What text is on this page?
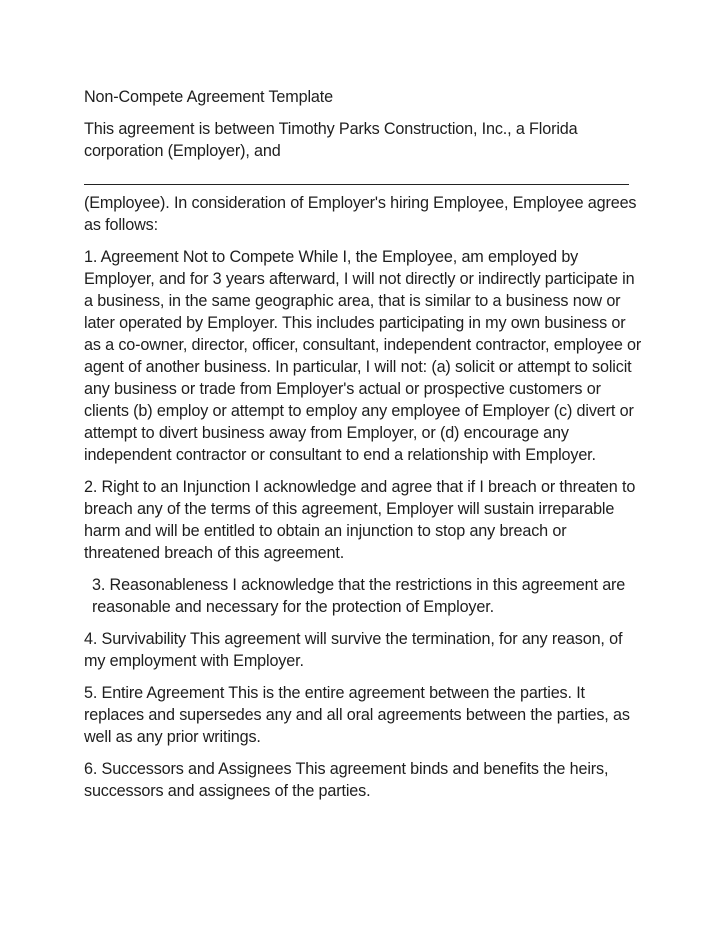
Non-Compete Agreement Template

This agreement is between Timothy Parks Construction, Inc., a Florida corporation (Employer), and

(Employee). In consideration of Employer's hiring Employee, Employee agrees as follows:

1. Agreement Not to Compete While I, the Employee, am employed by Employer, and for 3 years afterward, I will not directly or indirectly participate in a business, in the same geographic area, that is similar to a business now or later operated by Employer. This includes participating in my own business or as a co-owner, director, officer, consultant, independent contractor, employee or agent of another business. In particular, I will not: (a) solicit or attempt to solicit any business or trade from Employer's actual or prospective customers or clients (b) employ or attempt to employ any employee of Employer (c) divert or attempt to divert business away from Employer, or (d) encourage any independent contractor or consultant to end a relationship with Employer.

2. Right to an Injunction I acknowledge and agree that if I breach or threaten to breach any of the terms of this agreement, Employer will sustain irreparable harm and will be entitled to obtain an injunction to stop any breach or threatened breach of this agreement.

3. Reasonableness I acknowledge that the restrictions in this agreement are reasonable and necessary for the protection of Employer.

4. Survivability This agreement will survive the termination, for any reason, of my employment with Employer.

5. Entire Agreement This is the entire agreement between the parties. It replaces and supersedes any and all oral agreements between the parties, as well as any prior writings.

6. Successors and Assignees This agreement binds and benefits the heirs, successors and assignees of the parties.
